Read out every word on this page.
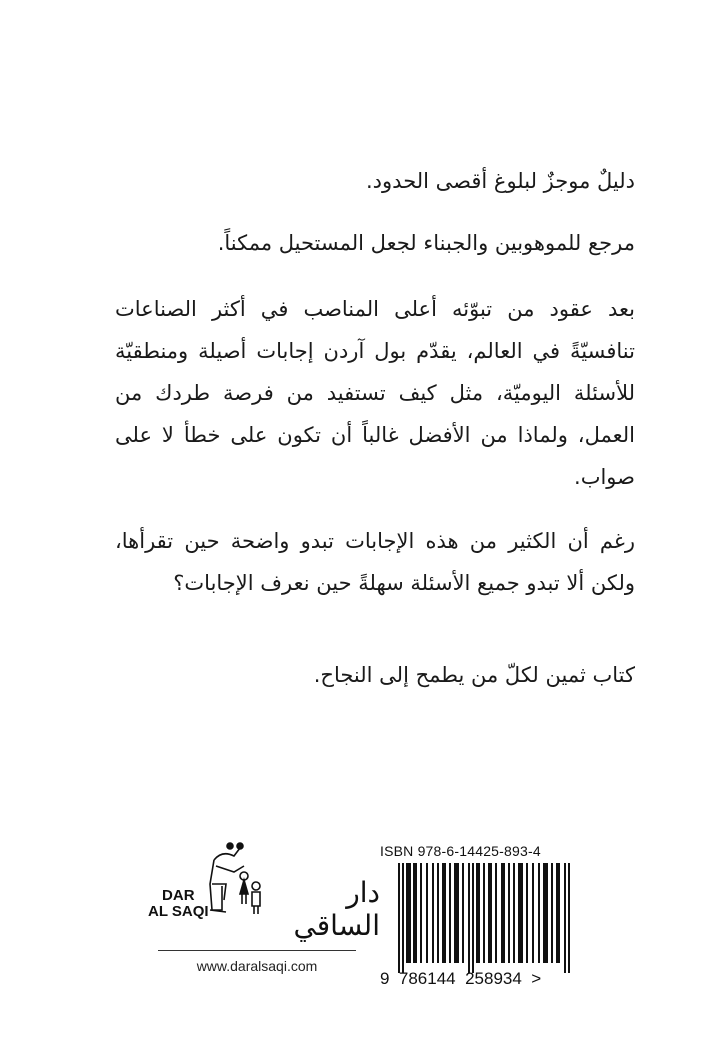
دليلٌ موجزٌ لبلوغ أقصى الحدود.
مرجع للموهوبين والجبناء لجعل المستحيل ممكناً.
بعد عقود من تبوّئه أعلى المناصب في أكثر الصناعات تنافسيّةً في العالم، يقدّم بول آردن إجابات أصيلة ومنطقيّة للأسئلة اليوميّة، مثل كيف تستفيد من فرصة طردك من العمل، ولماذا من الأفضل غالباً أن تكون على خطأ لا على صواب.
رغم أن الكثير من هذه الإجابات تبدو واضحة حين تقرأها، ولكن ألا تبدو جميع الأسئلة سهلةً حين نعرف الإجابات؟
كتاب ثمين لكلّ من يطمح إلى النجاح.
DAR
AL SAQI
دار الساقي
www.daralsaqi.com
ISBN 978-6-14425-893-4
9  786144  258934  >
